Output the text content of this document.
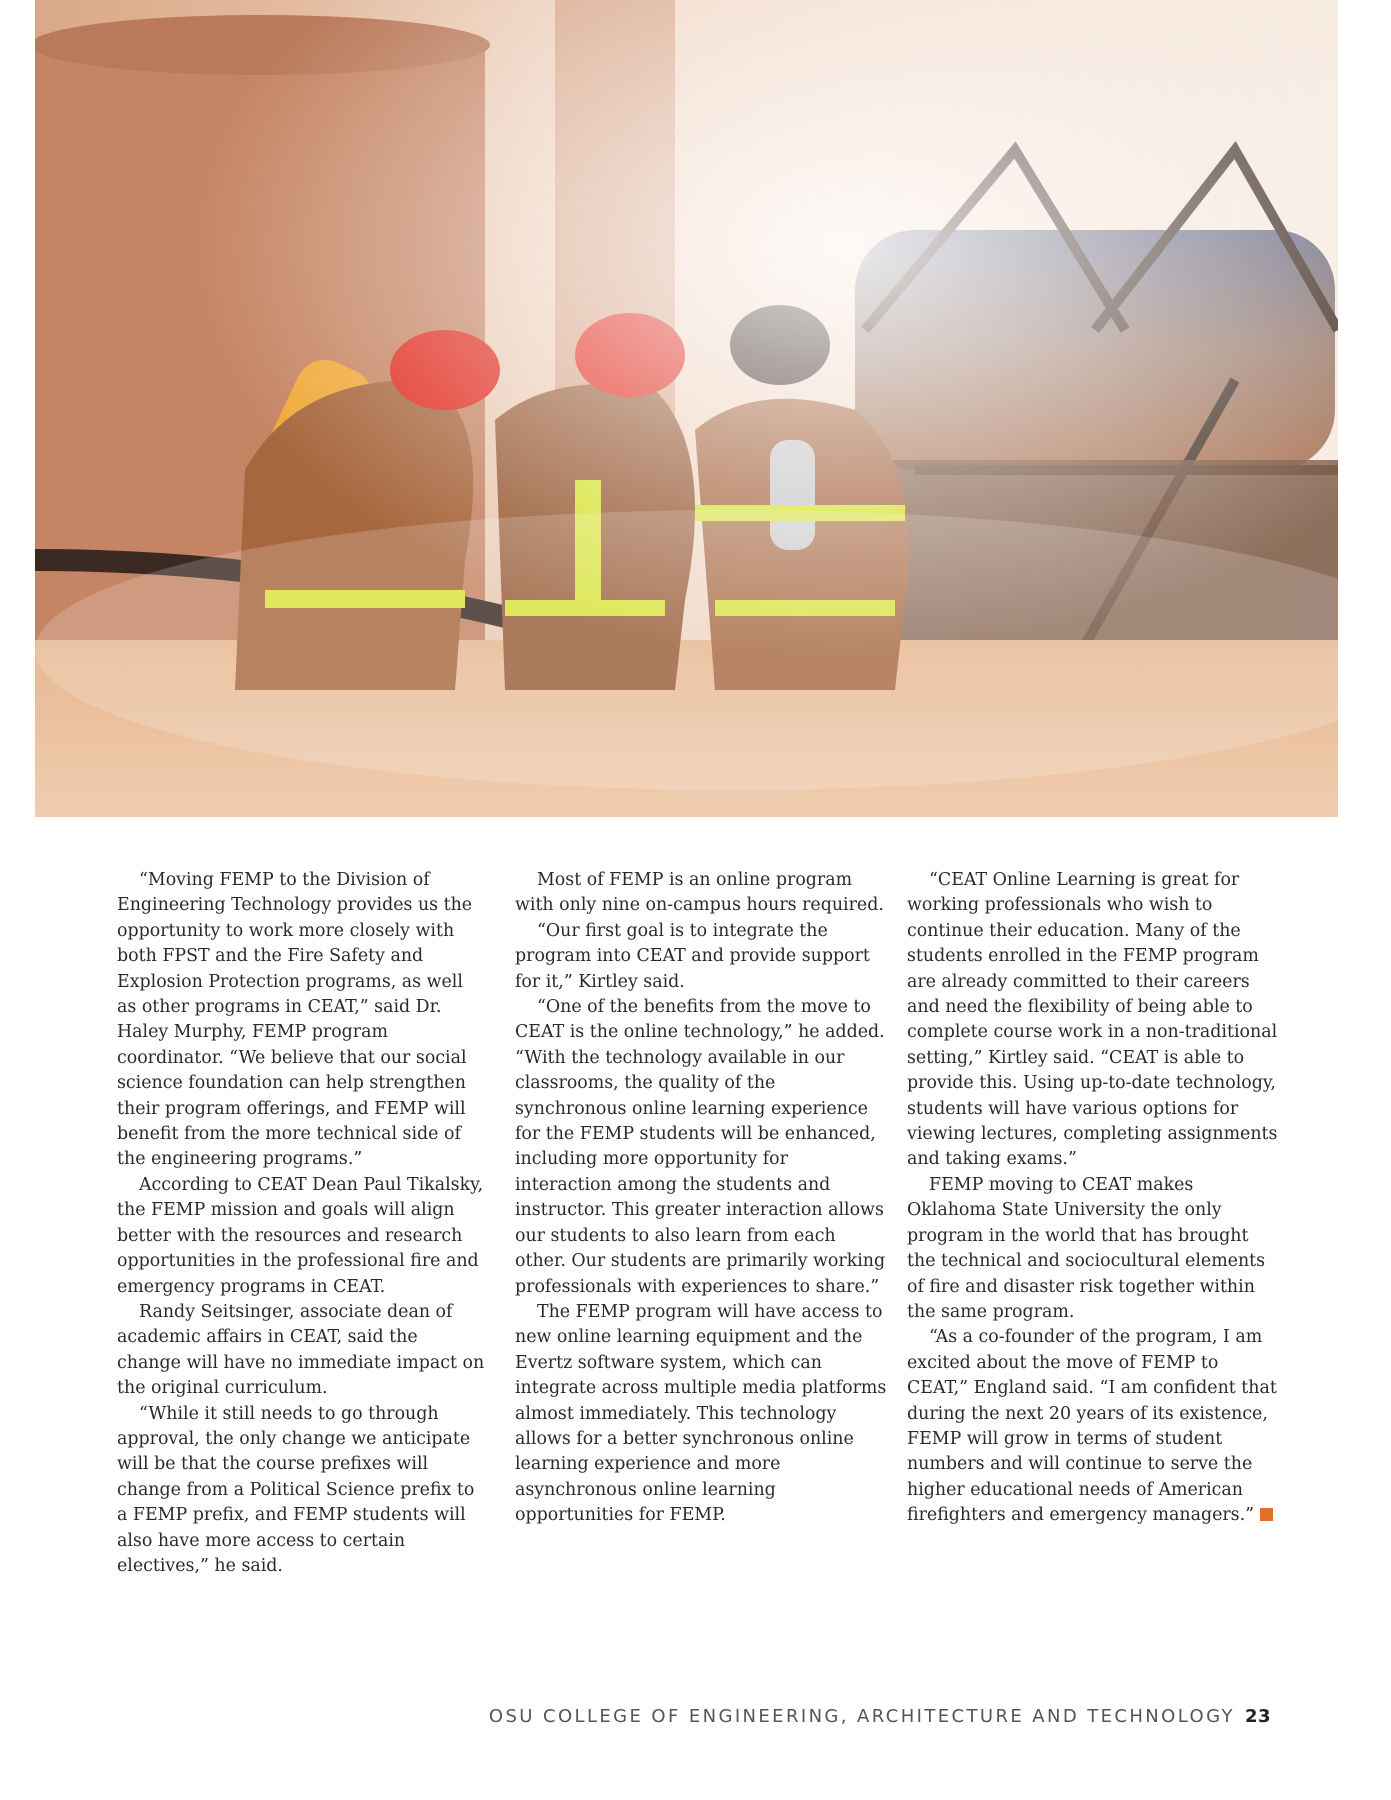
“Moving FEMP to the Division of Engineering Technology provides us the opportunity to work more closely with both FPST and the Fire Safety and Explosion Protection programs, as well as other programs in CEAT,” said Dr. Haley Murphy, FEMP program coordinator. “We believe that our social science foundation can help strengthen their program offerings, and FEMP will benefit from the more technical side of the engineering programs.”

According to CEAT Dean Paul Tikalsky, the FEMP mission and goals will align better with the resources and research opportunities in the professional fire and emergency programs in CEAT.

Randy Seitsinger, associate dean of academic affairs in CEAT, said the change will have no immediate impact on the original curriculum.

“While it still needs to go through approval, the only change we anticipate will be that the course prefixes will change from a Political Science prefix to a FEMP prefix, and FEMP students will also have more access to certain electives,” he said.

Most of FEMP is an online program with only nine on-campus hours required.

“Our first goal is to integrate the program into CEAT and provide support for it,” Kirtley said.

“One of the benefits from the move to CEAT is the online technology,” he added. “With the technology available in our classrooms, the quality of the synchronous online learning experience for the FEMP students will be enhanced, including more opportunity for interaction among the students and instructor. This greater interaction allows our students to also learn from each other. Our students are primarily working professionals with experiences to share.”

The FEMP program will have access to new online learning equipment and the Evertz software system, which can integrate across multiple media platforms almost immediately. This technology allows for a better synchronous online learning experience and more asynchronous online learning opportunities for FEMP.

“CEAT Online Learning is great for working professionals who wish to continue their education. Many of the students enrolled in the FEMP program are already committed to their careers and need the flexibility of being able to complete course work in a non-traditional setting,” Kirtley said. “CEAT is able to provide this. Using up-to-date technology, students will have various options for viewing lectures, completing assignments and taking exams.”

FEMP moving to CEAT makes Oklahoma State University the only program in the world that has brought the technical and sociocultural elements of fire and disaster risk together within the same program.

“As a co-founder of the program, I am excited about the move of FEMP to CEAT,” England said. “I am confident that during the next 20 years of its existence, FEMP will grow in terms of student numbers and will continue to serve the higher educational needs of American firefighters and emergency managers.”

OSU COLLEGE OF ENGINEERING, ARCHITECTURE AND TECHNOLOGY 23
